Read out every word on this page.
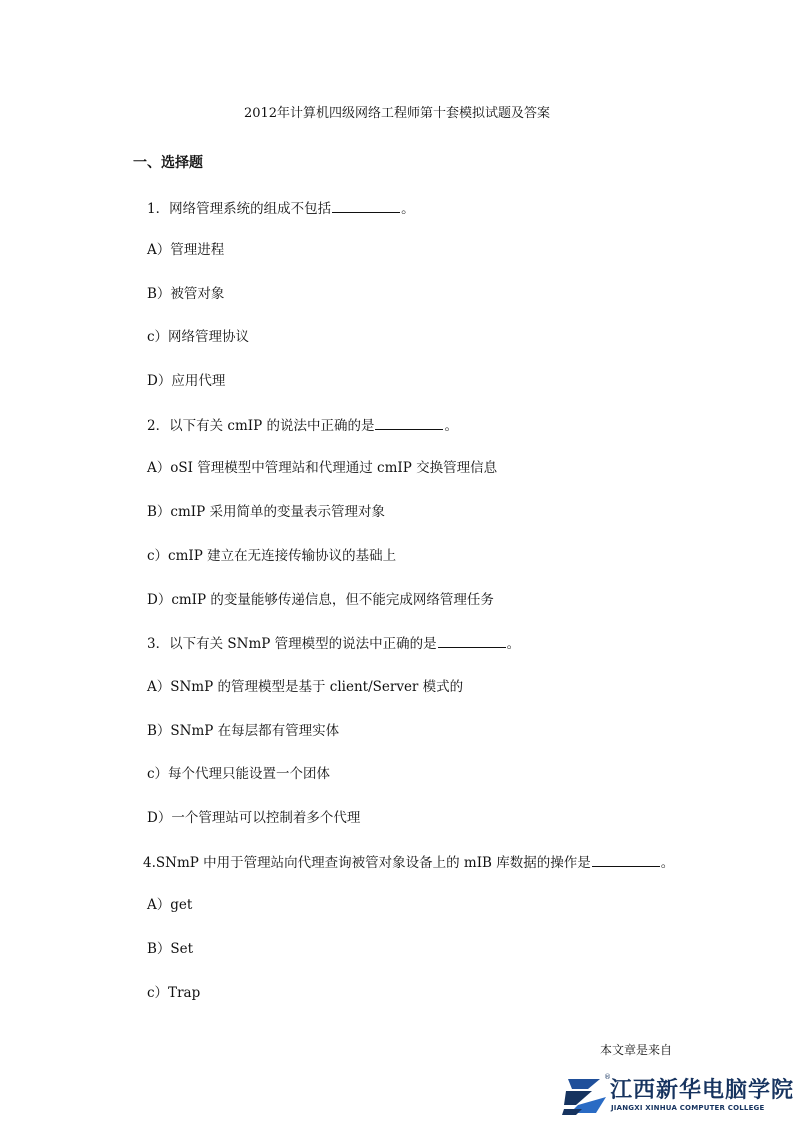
2012年计算机四级网络工程师第十套模拟试题及答案
一、选择题
1．网络管理系统的组成不包括	。
A）管理进程
B）被管对象
c）网络管理协议
D）应用代理
2．以下有关 cmIP 的说法中正确的是	。
A）oSI 管理模型中管理站和代理通过 cmIP 交换管理信息
B）cmIP 采用简单的变量表示管理对象
c）cmIP 建立在无连接传输协议的基础上
D）cmIP 的变量能够传递信息，但不能完成网络管理任务
3．以下有关 SNmP 管理模型的说法中正确的是	。
A）SNmP 的管理模型是基于 client/Server 模式的
B）SNmP 在每层都有管理实体
c）每个代理只能设置一个团体
D）一个管理站可以控制着多个代理
4.SNmP 中用于管理站向代理查询被管对象设备上的 mIB 库数据的操作是	。
A）get
B）Set
c）Trap
本文章是来自
®
江西新华电脑学院
JIANGXI XINHUA COMPUTER COLLEGE
